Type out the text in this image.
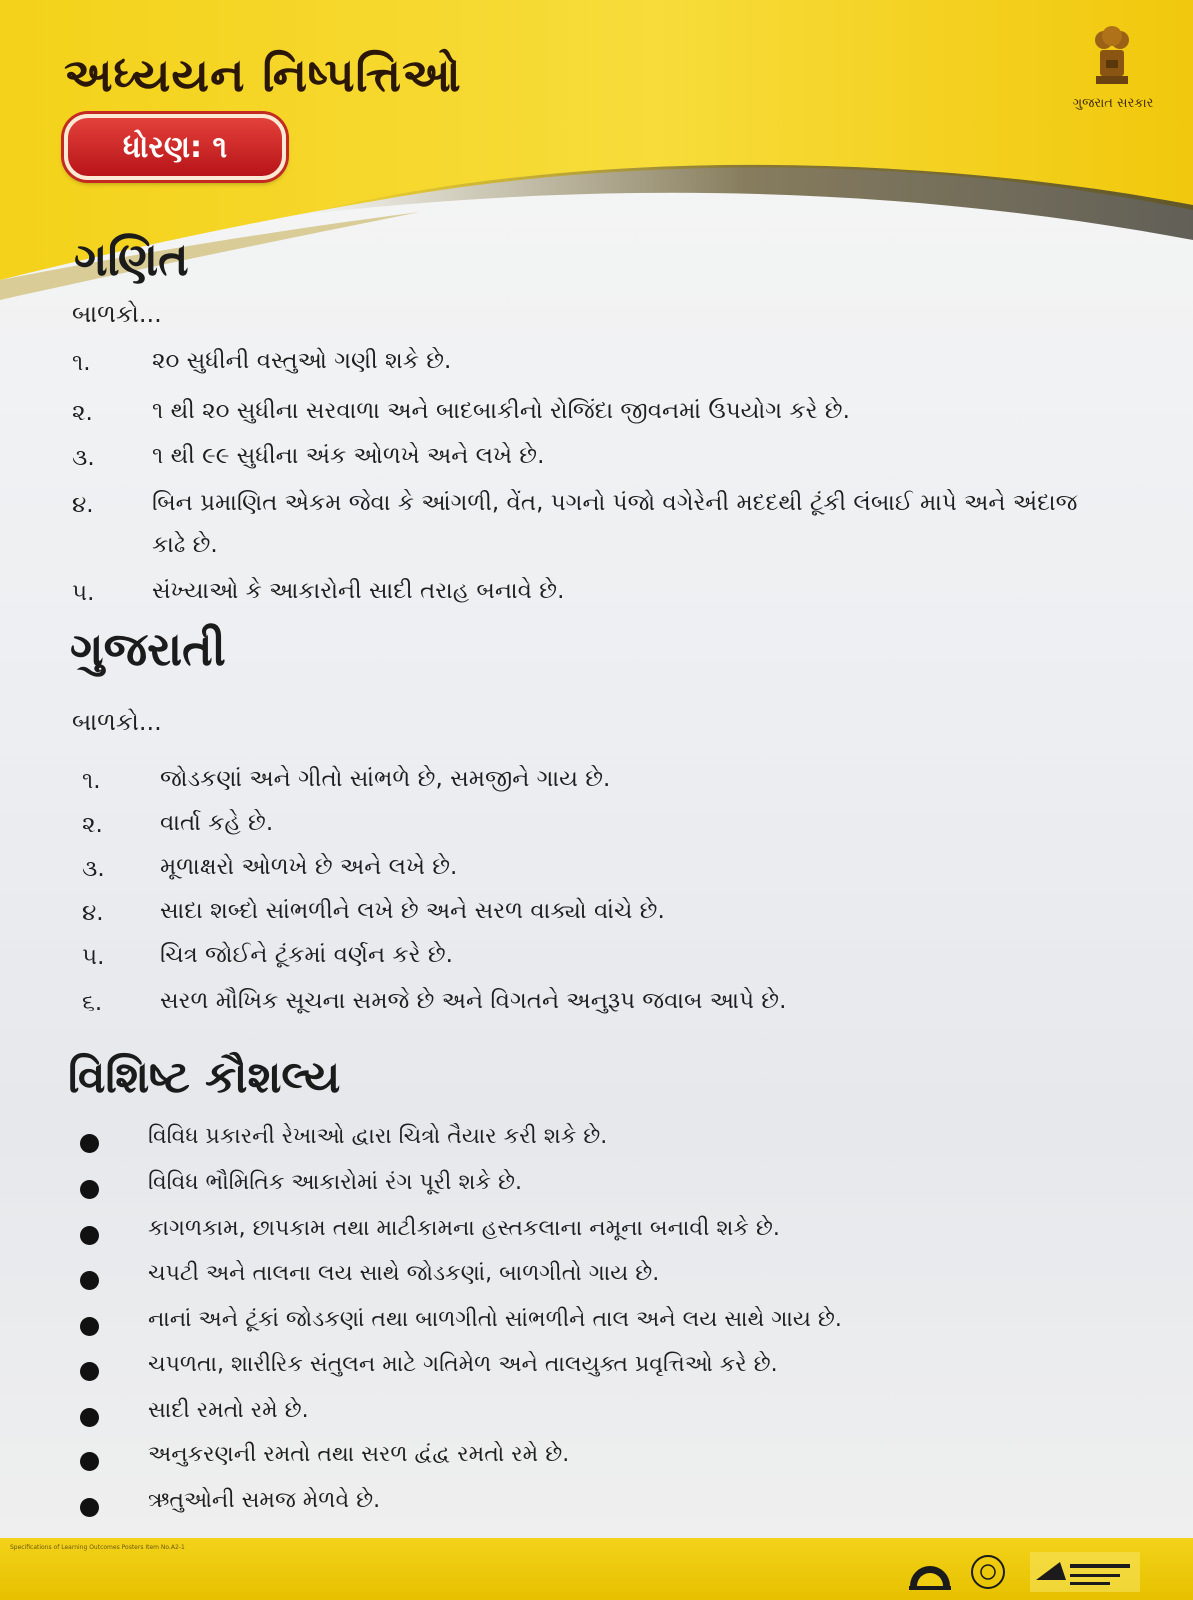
અધ્યયન નિષ્પત્તિઓ
ધોરણ: ૧
ગુજરાત સરકાર
ગણિત
બાળકો...
૧.	૨૦ સુધીની વસ્તુઓ ગણી શકે છે.
૨.	૧ થી ૨૦ સુધીના સરવાળા અને બાદબાકીનો રોજિંદા જીવનમાં ઉપયોગ કરે છે.
૩. ૧ થી ૯૯ સુધીના અંક ઓળખે અને લખે છે.
૪.	બિન પ્રમાણિત એકમ જેવા કે આંગળી, વેંત, પગનો પંજો વગેરેની મદદથી ટૂંકી લંબાઈ માપે અને અંદાજ કાઢે છે.
૫.	સંખ્યાઓ કે આકારોની સાદી તરાહ બનાવે છે.
ગુજરાતી
બાળકો...
૧.	જોડકણાં અને ગીતો સાંભળે છે, સમજીને ગાય છે.
૨. વાર્તા કહે છે.
૩. મૂળાક્ષરો ઓળખે છે અને લખે છે.
૪. સાદા શબ્દો સાંભળીને લખે છે અને સરળ વાક્યો વાંચે છે.
૫. ચિત્ર જોઈને ટૂંકમાં વર્ણન કરે છે.
૬.	સરળ મૌખિક સૂચના સમજે છે અને વિગતને અનુરૂપ જવાબ આપે છે.
વિશિષ્ટ કૌશલ્ય
વિવિધ પ્રકારની રેખાઓ દ્વારા ચિત્રો તૈયાર કરી શકે છે.
વિવિધ ભૌમિતિક આકારોમાં રંગ પૂરી શકે છે.
કાગળકામ, છાપકામ તથા માટીકામના હસ્તકલાના નમૂના બનાવી શકે છે.
ચપટી અને તાલના લય સાથે જોડકણાં, બાળગીતો ગાય છે.
નાનાં અને ટૂંકાં જોડકણાં તથા બાળગીતો સાંભળીને તાલ અને લય સાથે ગાય છે.
ચપળતા, શારીરિક સંતુલન માટે ગતિમેળ અને તાલયુક્ત પ્રવૃત્તિઓ કરે છે.
સાદી રમતો રમે છે.
અનુકરણની રમતો તથા સરળ દ્વંદ્વ રમતો રમે છે.
ઋતુઓની સમજ મેળવે છે.
Specifications of Learning Outcomes Posters Item No.A2-1
